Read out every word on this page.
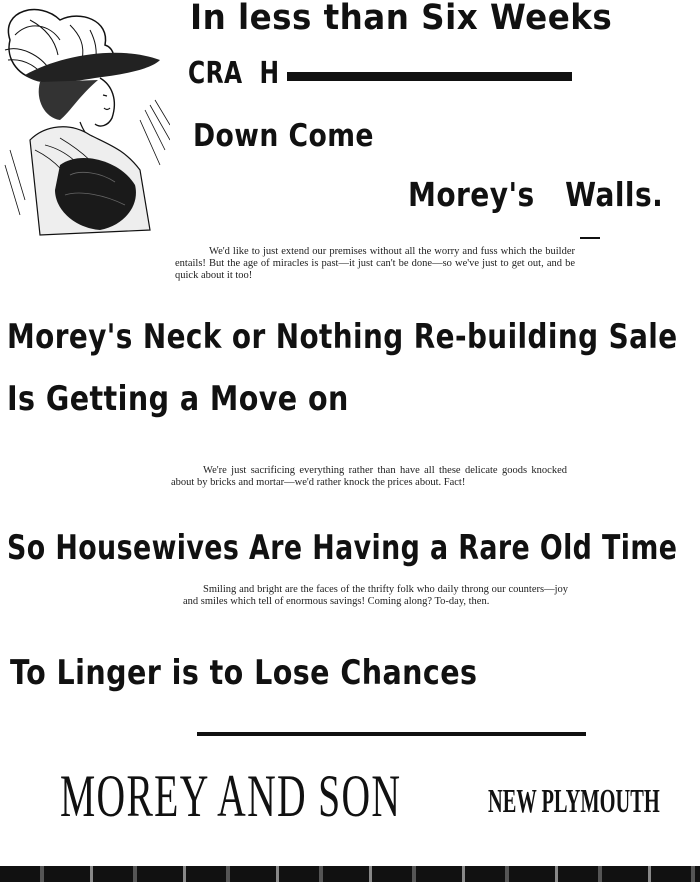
In less than Six Weeks
CRA  H
Down Come
Morey's   Walls.
We'd like to just extend our premises without all the worry and fuss which the builder entails! But the age of miracles is past—it just can't be done—so we've just to get out, and be quick about it too!
Morey's Neck or Nothing Re-building Sale
Is Getting a Move on
We're just sacrificing everything rather than have all these delicate goods knocked about by bricks and mortar—we'd rather knock the prices about. Fact!
So Housewives Are Having a Rare Old Time
Smiling and bright are the faces of the thrifty folk who daily throng our counters—joy and smiles which tell of enormous savings! Coming along? To-day, then.
To Linger is to Lose Chances
MOREY AND SON	NEW PLYMOUTH
